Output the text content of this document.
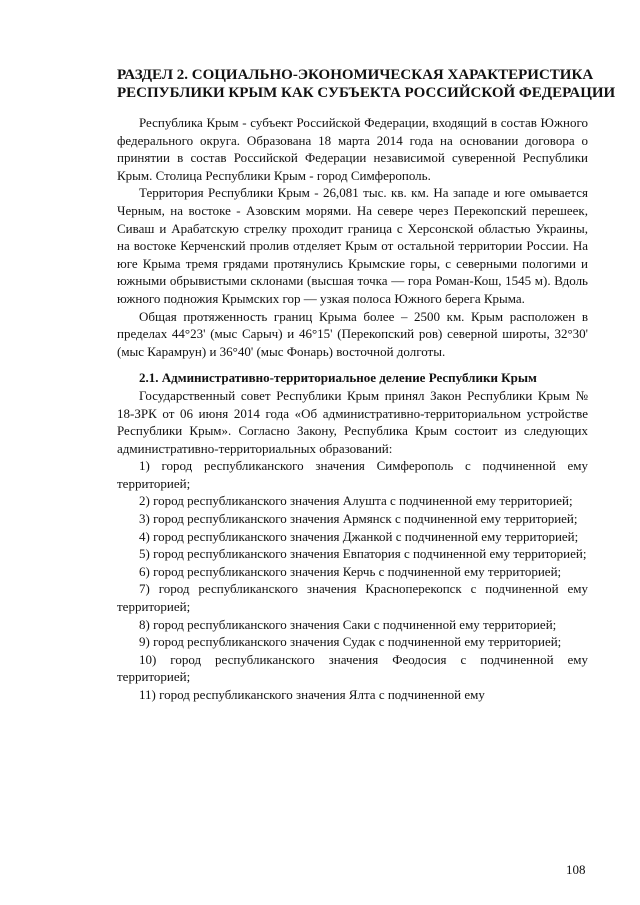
РАЗДЕЛ 2. СОЦИАЛЬНО-ЭКОНОМИЧЕСКАЯ ХАРАКТЕРИСТИКА
РЕСПУБЛИКИ КРЫМ КАК СУБЪЕКТА РОССИЙСКОЙ ФЕДЕРАЦИИ

Республика Крым - субъект Российской Федерации, входящий в состав Южного федерального округа. Образована 18 марта 2014 года на основании договора о принятии в состав Российской Федерации независимой суверенной Республики Крым. Столица Республики Крым - город Симферополь.

Территория Республики Крым - 26,081 тыс. кв. км. На западе и юге омывается Черным, на востоке - Азовским морями. На севере через Перекопский перешеек, Сиваш и Арабатскую стрелку проходит граница с Херсонской областью Украины, на востоке Керченский пролив отделяет Крым от остальной территории России. На юге Крыма тремя грядами протянулись Крымские горы, с северными пологими и южными обрывистыми склонами (высшая точка — гора Роман-Кош, 1545 м). Вдоль южного подножия Крымских гор — узкая полоса Южного берега Крыма.

Общая протяженность границ Крыма более – 2500 км. Крым расположен в пределах 44°23' (мыс Сарыч) и 46°15' (Перекопский ров) северной широты, 32°30' (мыс Карамрун) и 36°40' (мыс Фонарь) восточной долготы.

2.1. Административно-территориальное деление Республики Крым

Государственный совет Республики Крым принял Закон Республики Крым № 18-ЗРК от 06 июня 2014 года «Об административно-территориальном устройстве Республики Крым». Согласно Закону, Республика Крым состоит из следующих административно-территориальных образований:

1) город республиканского значения Симферополь с подчиненной ему территорией;

2) город республиканского значения Алушта с подчиненной ему территорией;

3) город республиканского значения Армянск с подчиненной ему территорией;

4) город республиканского значения Джанкой с подчиненной ему территорией;

5) город республиканского значения Евпатория с подчиненной ему территорией;

6) город республиканского значения Керчь с подчиненной ему территорией;

7) город республиканского значения Красноперекопск с подчиненной ему территорией;

8) город республиканского значения Саки с подчиненной ему территорией;

9) город республиканского значения Судак с подчиненной ему территорией;

10) город республиканского значения Феодосия с подчиненной ему территорией;

11) город республиканского значения Ялта с подчиненной ему

108
